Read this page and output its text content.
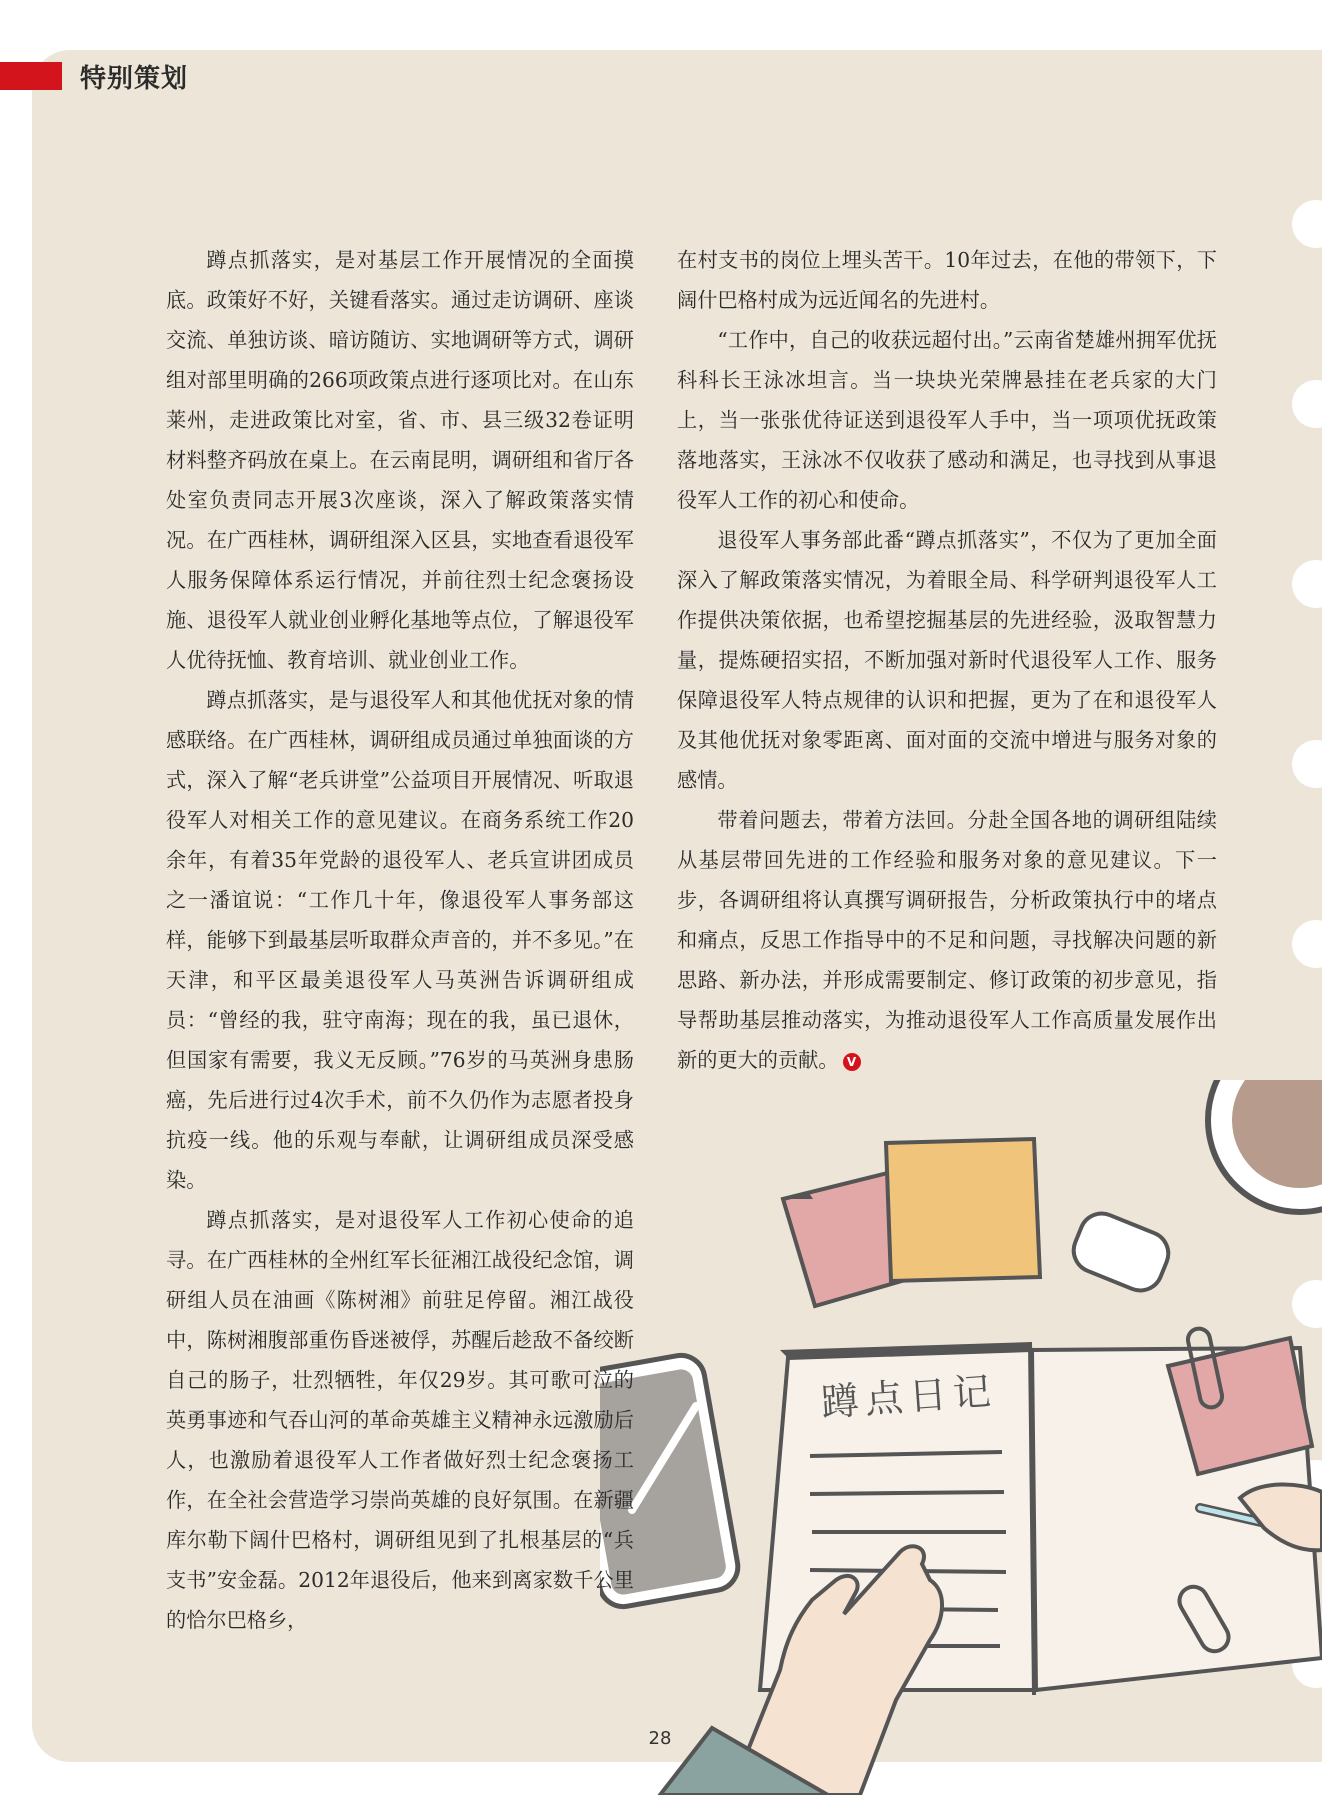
特别策划
蹲点日记

蹲点抓落实，是对基层工作开展情况的全面摸底。政策好不好，关键看落实。通过走访调研、座谈交流、单独访谈、暗访随访、实地调研等方式，调研组对部里明确的266项政策点进行逐项比对。在山东莱州，走进政策比对室，省、市、县三级32卷证明材料整齐码放在桌上。在云南昆明，调研组和省厅各处室负责同志开展3次座谈，深入了解政策落实情况。在广西桂林，调研组深入区县，实地查看退役军人服务保障体系运行情况，并前往烈士纪念褒扬设施、退役军人就业创业孵化基地等点位，了解退役军人优待抚恤、教育培训、就业创业工作。

蹲点抓落实，是与退役军人和其他优抚对象的情感联络。在广西桂林，调研组成员通过单独面谈的方式，深入了解“老兵讲堂”公益项目开展情况、听取退役军人对相关工作的意见建议。在商务系统工作20余年，有着35年党龄的退役军人、老兵宣讲团成员之一潘谊说：“工作几十年，像退役军人事务部这样，能够下到最基层听取群众声音的，并不多见。”在天津，和平区最美退役军人马英洲告诉调研组成员：“曾经的我，驻守南海；现在的我，虽已退休，但国家有需要，我义无反顾。”76岁的马英洲身患肠癌，先后进行过4次手术，前不久仍作为志愿者投身抗疫一线。他的乐观与奉献，让调研组成员深受感染。

蹲点抓落实，是对退役军人工作初心使命的追寻。在广西桂林的全州红军长征湘江战役纪念馆，调研组人员在油画《陈树湘》前驻足停留。湘江战役中，陈树湘腹部重伤昏迷被俘，苏醒后趁敌不备绞断自己的肠子，壮烈牺牲，年仅29岁。其可歌可泣的英勇事迹和气吞山河的革命英雄主义精神永远激励后人，也激励着退役军人工作者做好烈士纪念褒扬工作，在全社会营造学习崇尚英雄的良好氛围。在新疆库尔勒下阔什巴格村，调研组见到了扎根基层的“兵支书”安金磊。2012年退役后，他来到离家数千公里的恰尔巴格乡，

在村支书的岗位上埋头苦干。10年过去，在他的带领下，下阔什巴格村成为远近闻名的先进村。

“工作中，自己的收获远超付出。”云南省楚雄州拥军优抚科科长王泳冰坦言。当一块块光荣牌悬挂在老兵家的大门上，当一张张优待证送到退役军人手中，当一项项优抚政策落地落实，王泳冰不仅收获了感动和满足，也寻找到从事退役军人工作的初心和使命。

退役军人事务部此番“蹲点抓落实”，不仅为了更加全面深入了解政策落实情况，为着眼全局、科学研判退役军人工作提供决策依据，也希望挖掘基层的先进经验，汲取智慧力量，提炼硬招实招，不断加强对新时代退役军人工作、服务保障退役军人特点规律的认识和把握，更为了在和退役军人及其他优抚对象零距离、面对面的交流中增进与服务对象的感情。

带着问题去，带着方法回。分赴全国各地的调研组陆续从基层带回先进的工作经验和服务对象的意见建议。下一步，各调研组将认真撰写调研报告，分析政策执行中的堵点和痛点，反思工作指导中的不足和问题，寻找解决问题的新思路、新办法，并形成需要制定、修订政策的初步意见，指导帮助基层推动落实，为推动退役军人工作高质量发展作出新的更大的贡献。 V

28
